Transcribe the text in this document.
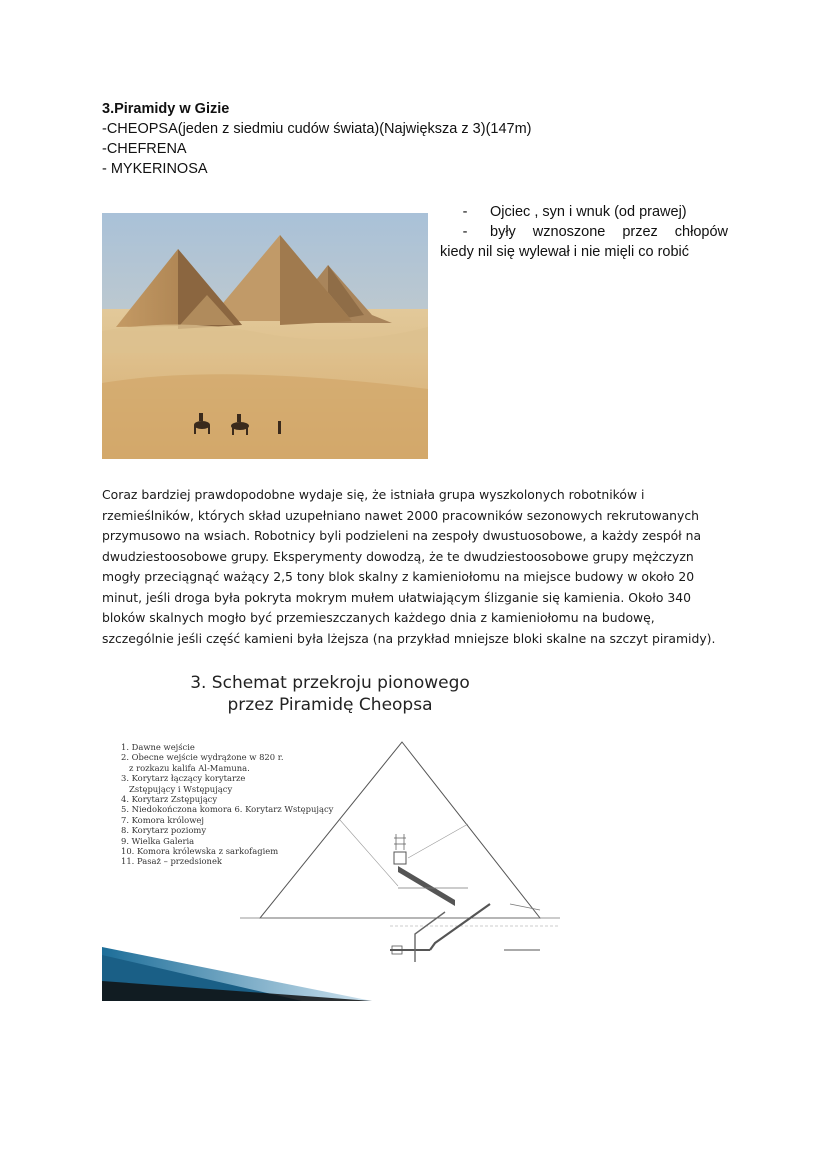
3.Piramidy w Gizie
-CHEOPSA(jeden z siedmiu cudów świata)(Największa z 3)(147m)
-CHEFRENA
- MYKERINOSA
-	Ojciec , syn i wnuk (od prawej)
-	były wznoszone przez chłopów
kiedy nil się wylewał i nie mięli co robić
Coraz bardziej prawdopodobne wydaje się, że istniała grupa wyszkolonych robotników i rzemieślników, których skład uzupełniano nawet 2000 pracowników sezonowych rekrutowanych przymusowo na wsiach. Robotnicy byli podzieleni na zespoły dwustuosobowe, a każdy zespół na dwudziestoosobowe grupy. Eksperymenty dowodzą, że te dwudziestoosobowe grupy mężczyzn mogły przeciągnąć ważący 2,5 tony blok skalny z kamieniołomu na miejsce budowy w około 20 minut, jeśli droga była pokryta mokrym mułem ułatwiającym ślizganie się kamienia. Około 340 bloków skalnych mogło być przemieszczanych każdego dnia z kamieniołomu na budowę, szczególnie jeśli część kamieni była lżejsza (na przykład mniejsze bloki skalne na szczyt piramidy).
3. Schemat przekroju pionowego
przez Piramidę Cheopsa
1. Dawne wejście
2. Obecne wejście wydrążone w 820 r.
z rozkazu kalifa Al-Mamuna.
3. Korytarz łączący korytarze
Zstępujący i Wstępujący
4. Korytarz Zstępujący
5. Niedokończona komora 6. Korytarz Wstępujący
7. Komora królowej
8. Korytarz poziomy
9. Wielka Galeria
10. Komora królewska z sarkofagiem
11. Pasaż – przedsionek
